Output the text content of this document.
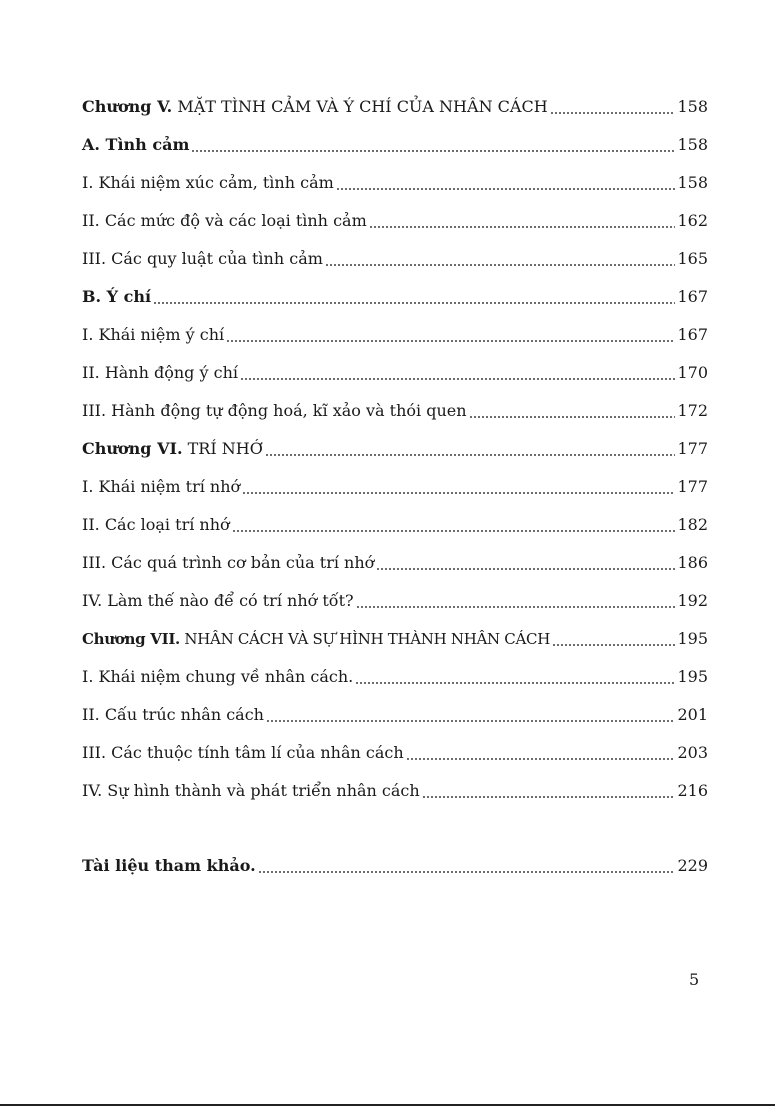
Chương V. MẶT TÌNH CẢM VÀ Ý CHÍ CỦA NHÂN CÁCH	158
A. Tình cảm	158
I. Khái niệm xúc cảm, tình cảm	158
II. Các mức độ và các loại tình cảm	162
III. Các quy luật của tình cảm	165
B. Ý chí	167
I. Khái niệm ý chí	167
II. Hành động ý chí	170
III. Hành động tự động hoá, kĩ xảo và thói quen	172
Chương VI. TRÍ NHỚ	177
I. Khái niệm trí nhớ	177
II. Các loại trí nhớ	182
III. Các quá trình cơ bản của trí nhớ	186
IV. Làm thế nào để có trí nhớ tốt?	192
Chương VII. NHÂN CÁCH VÀ SỰ HÌNH THÀNH NHÂN CÁCH	195
I. Khái niệm chung về nhân cách.	195
II. Cấu trúc nhân cách	201
III. Các thuộc tính tâm lí của nhân cách	203
IV. Sự hình thành và phát triển nhân cách	216
Tài liệu tham khảo.	229
5
